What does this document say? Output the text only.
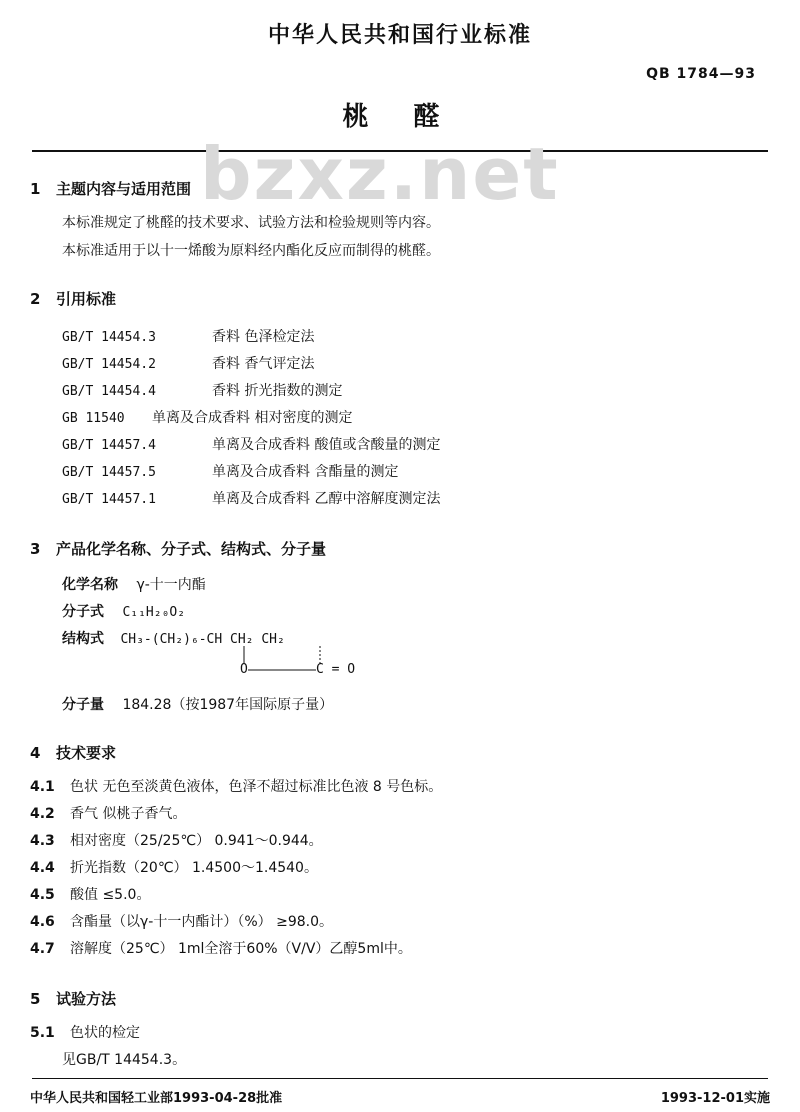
中华人民共和国行业标准
QB 1784—93
桃 醛
bzxz.net
1 主题内容与适用范围
本标准规定了桃醛的技术要求、试验方法和检验规则等内容。
本标准适用于以十一烯酸为原料经内酯化反应而制得的桃醛。
2 引用标准
GB/T 14454.3	香料 色泽检定法
GB/T 14454.2	香料 香气评定法
GB/T 14454.4	香料 折光指数的测定
GB 11540 单离及合成香料 相对密度的测定
GB/T 14457.4	单离及合成香料 酸值或含酸量的测定
GB/T 14457.5	单离及合成香料 含酯量的测定
GB/T 14457.1	单离及合成香料 乙醇中溶解度测定法
3 产品化学名称、分子式、结构式、分子量
化学名称 γ-十一内酯
分子式 C₁₁H₂₀O₂
结构式 CH₃-(CH₂)₆-CH CH₂ CH₂
O	C = O
分子量 184.28（按1987年国际原子量）
4 技术要求
4.1 色状 无色至淡黄色液体，色泽不超过标准比色液 8 号色标。
4.2 香气 似桃子香气。
4.3 相对密度（25/25℃） 0.941～0.944。
4.4 折光指数（20℃） 1.4500～1.4540。
4.5 酸值 ≤5.0。
4.6 含酯量（以γ-十一内酯计）（%） ≥98.0。
4.7 溶解度（25℃） 1ml全溶于60%（V/V）乙醇5ml中。
5 试验方法
5.1 色状的检定
见GB/T 14454.3。
中华人民共和国轻工业部1993-04-28批准	1993-12-01实施
